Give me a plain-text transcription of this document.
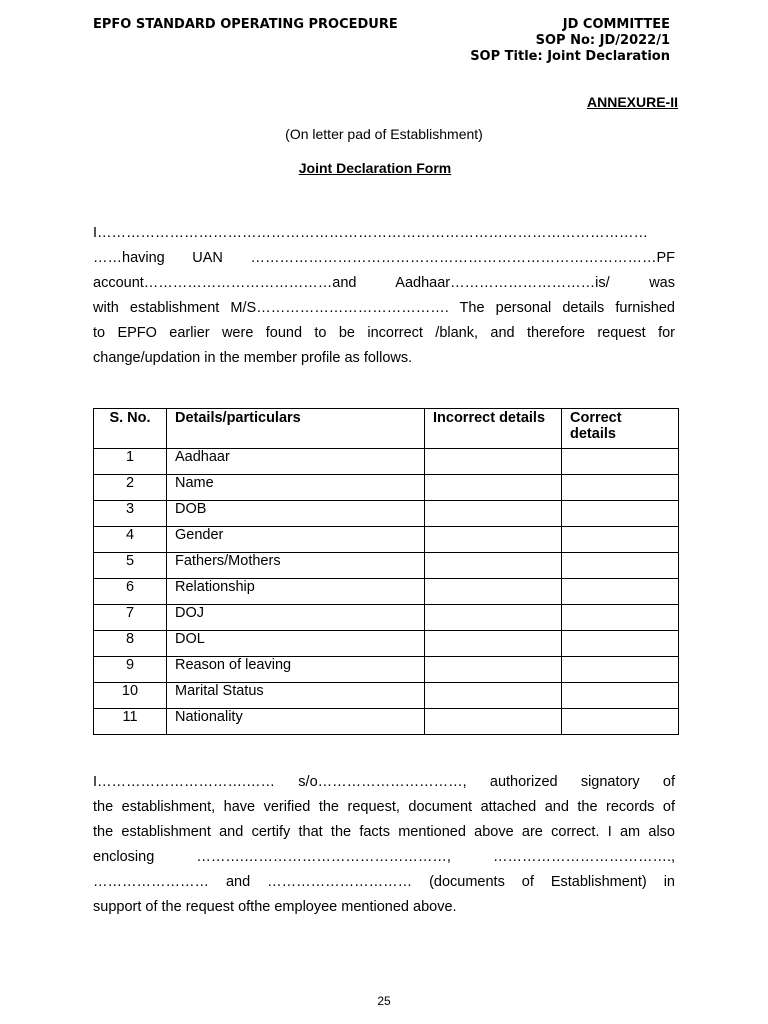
EPFO STANDARD OPERATING PROCEDURE	JD COMMITTEE
SOP No: JD/2022/1
SOP Title: Joint Declaration
ANNEXURE-II
(On letter pad of Establishment)
Joint Declaration Form
I……………………………………………………………………………………………………
……having UAN …………………………………………………………………………PF
account…………………………………and Aadhaar…………………………is/ was
with establishment M/S…………………………………. The personal details furnished
to EPFO earlier were found to be incorrect /blank, and therefore request for
change/updation in the member profile as follows.
S. No.	Details/particulars	Incorrect details	Correct details
1	Aadhaar		
2	Name		
3	DOB		
4	Gender		
5	Fathers/Mothers		
6	Relationship		
7	DOJ		
8	DOL		
9	Reason of leaving		
10	Marital Status		
11	Nationality		
I………………………….…… s/o…………………………, authorized signatory of
the establishment, have verified the request, document attached and the records of
the establishment and certify that the facts mentioned above are correct. I am also
enclosing ……….……………………………………, ……………………………….,
…………………… and ………………………… (documents of Establishment) in
support of the request ofthe employee mentioned above.
25
